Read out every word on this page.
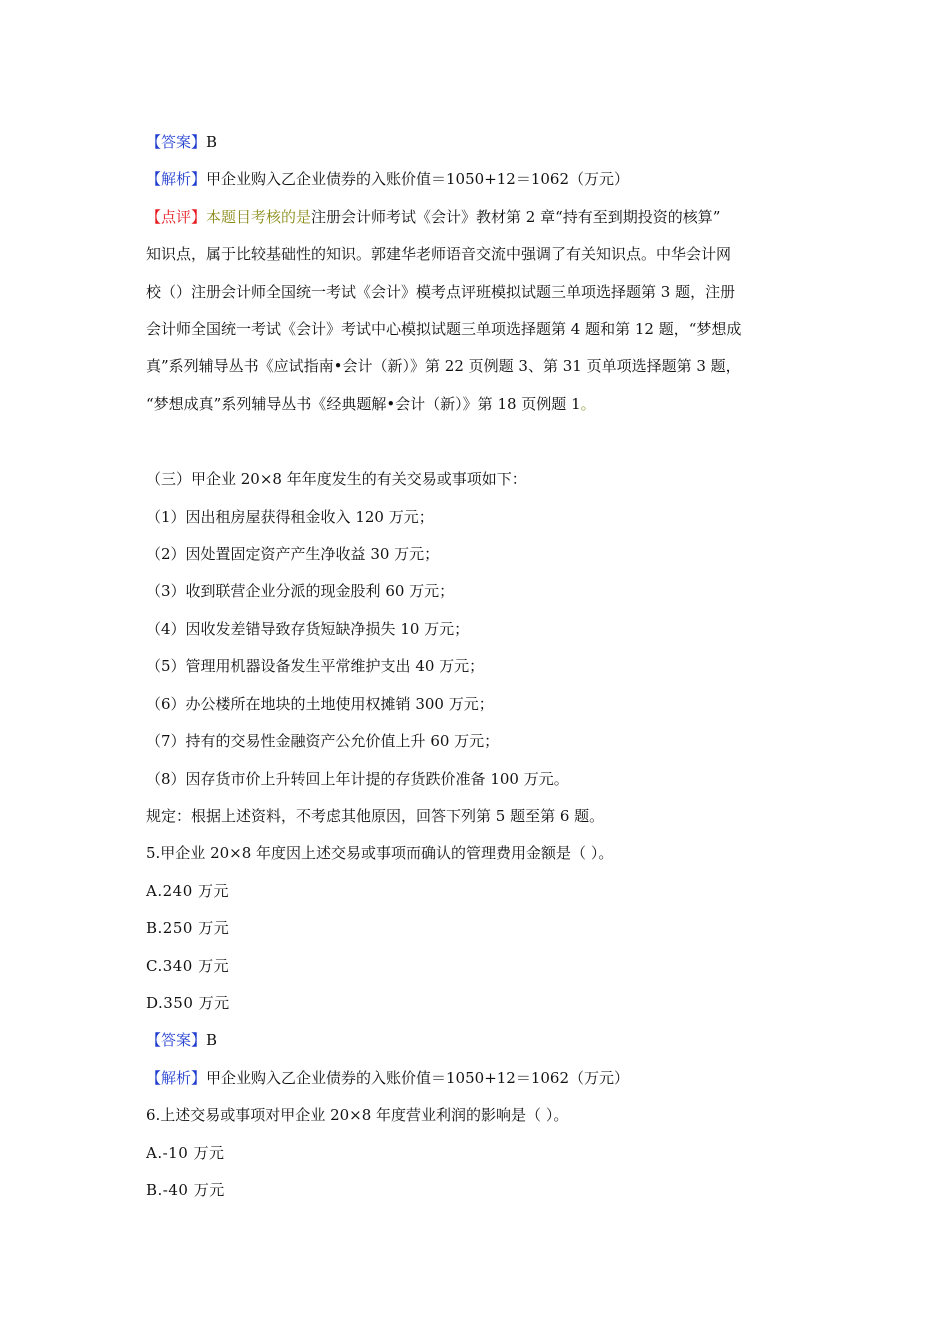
【答案】B
【解析】甲企业购入乙企业债券的入账价值＝1050+12＝1062（万元）
【点评】本题目考核的是注册会计师考试《会计》教材第 2 章“持有至到期投资的核算”
知识点，属于比较基础性的知识。郭建华老师语音交流中强调了有关知识点。中华会计网
校（）注册会计师全国统一考试《会计》模考点评班模拟试题三单项选择题第 3 题，注册
会计师全国统一考试《会计》考试中心模拟试题三单项选择题第 4 题和第 12 题，“梦想成
真”系列辅导丛书《应试指南•会计（新）》第 22 页例题 3、第 31 页单项选择题第 3 题，
“梦想成真”系列辅导丛书《经典题解•会计（新）》第 18 页例题 1。
（三）甲企业 20×8 年年度发生的有关交易或事项如下：
（1）因出租房屋获得租金收入 120 万元；
（2）因处置固定资产产生净收益 30 万元；
（3）收到联营企业分派的现金股利 60 万元；
（4）因收发差错导致存货短缺净损失 10 万元；
（5）管理用机器设备发生平常维护支出 40 万元；
（6）办公楼所在地块的土地使用权摊销 300 万元；
（7）持有的交易性金融资产公允价值上升 60 万元；
（8）因存货市价上升转回上年计提的存货跌价准备 100 万元。
规定：根据上述资料，不考虑其他原因，回答下列第 5 题至第 6 题。
5.甲企业 20×8 年度因上述交易或事项而确认的管理费用金额是（ ）。
A.240 万元
B.250 万元
C.340 万元
D.350 万元
【答案】B
【解析】甲企业购入乙企业债券的入账价值＝1050+12＝1062（万元）
6.上述交易或事项对甲企业 20×8 年度营业利润的影响是（ ）。
A.-10 万元
B.-40 万元
